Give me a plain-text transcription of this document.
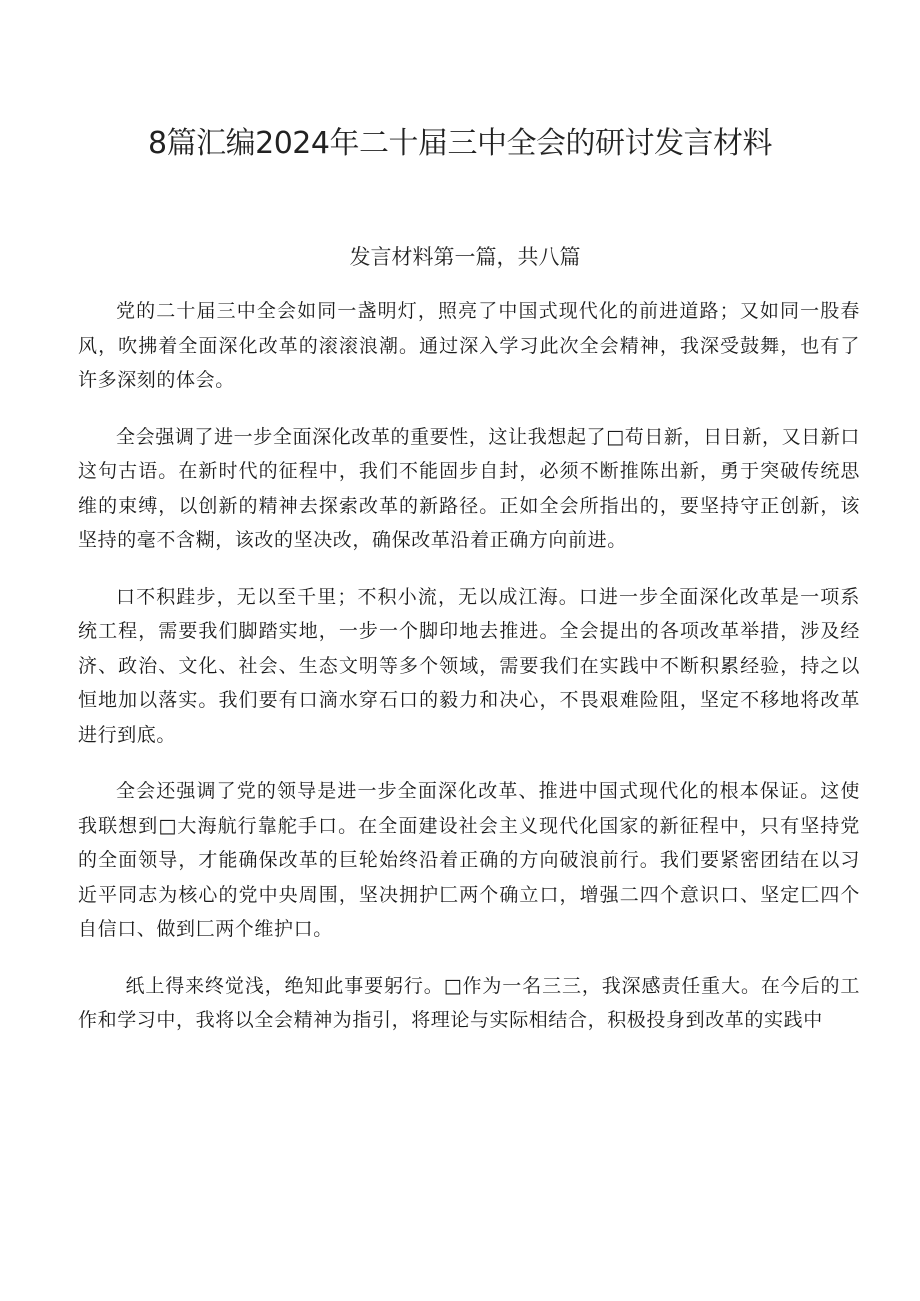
8篇汇编2024年二十届三中全会的研讨发言材料
发言材料第一篇，共八篇

党的二十届三中全会如同一盏明灯，照亮了中国式现代化的前进道路；又如同一股春风，吹拂着全面深化改革的滚滚浪潮。通过深入学习此次全会精神，我深受鼓舞，也有了许多深刻的体会。

全会强调了进一步全面深化改革的重要性，这让我想起了□苟日新，日日新，又日新口这句古语。在新时代的征程中，我们不能固步自封，必须不断推陈出新，勇于突破传统思维的束缚，以创新的精神去探索改革的新路径。正如全会所指出的，要坚持守正创新，该坚持的毫不含糊，该改的坚决改，确保改革沿着正确方向前进。

口不积跬步，无以至千里；不积小流，无以成江海。口进一步全面深化改革是一项系统工程，需要我们脚踏实地，一步一个脚印地去推进。全会提出的各项改革举措，涉及经济、政治、文化、社会、生态文明等多个领域，需要我们在实践中不断积累经验，持之以恒地加以落实。我们要有口滴水穿石口的毅力和决心，不畏艰难险阻，坚定不移地将改革进行到底。

全会还强调了党的领导是进一步全面深化改革、推进中国式现代化的根本保证。这使我联想到□大海航行靠舵手口。在全面建设社会主义现代化国家的新征程中，只有坚持党的全面领导，才能确保改革的巨轮始终沿着正确的方向破浪前行。我们要紧密团结在以习近平同志为核心的党中央周围，坚决拥护匚两个确立口，增强二四个意识口、坚定匚四个自信口、做到匚两个维护口。

纸上得来终觉浅，绝知此事要躬行。□作为一名三三，我深感责任重大。在今后的工作和学习中，我将以全会精神为指引，将理论与实际相结合，积极投身到改革的实践中
